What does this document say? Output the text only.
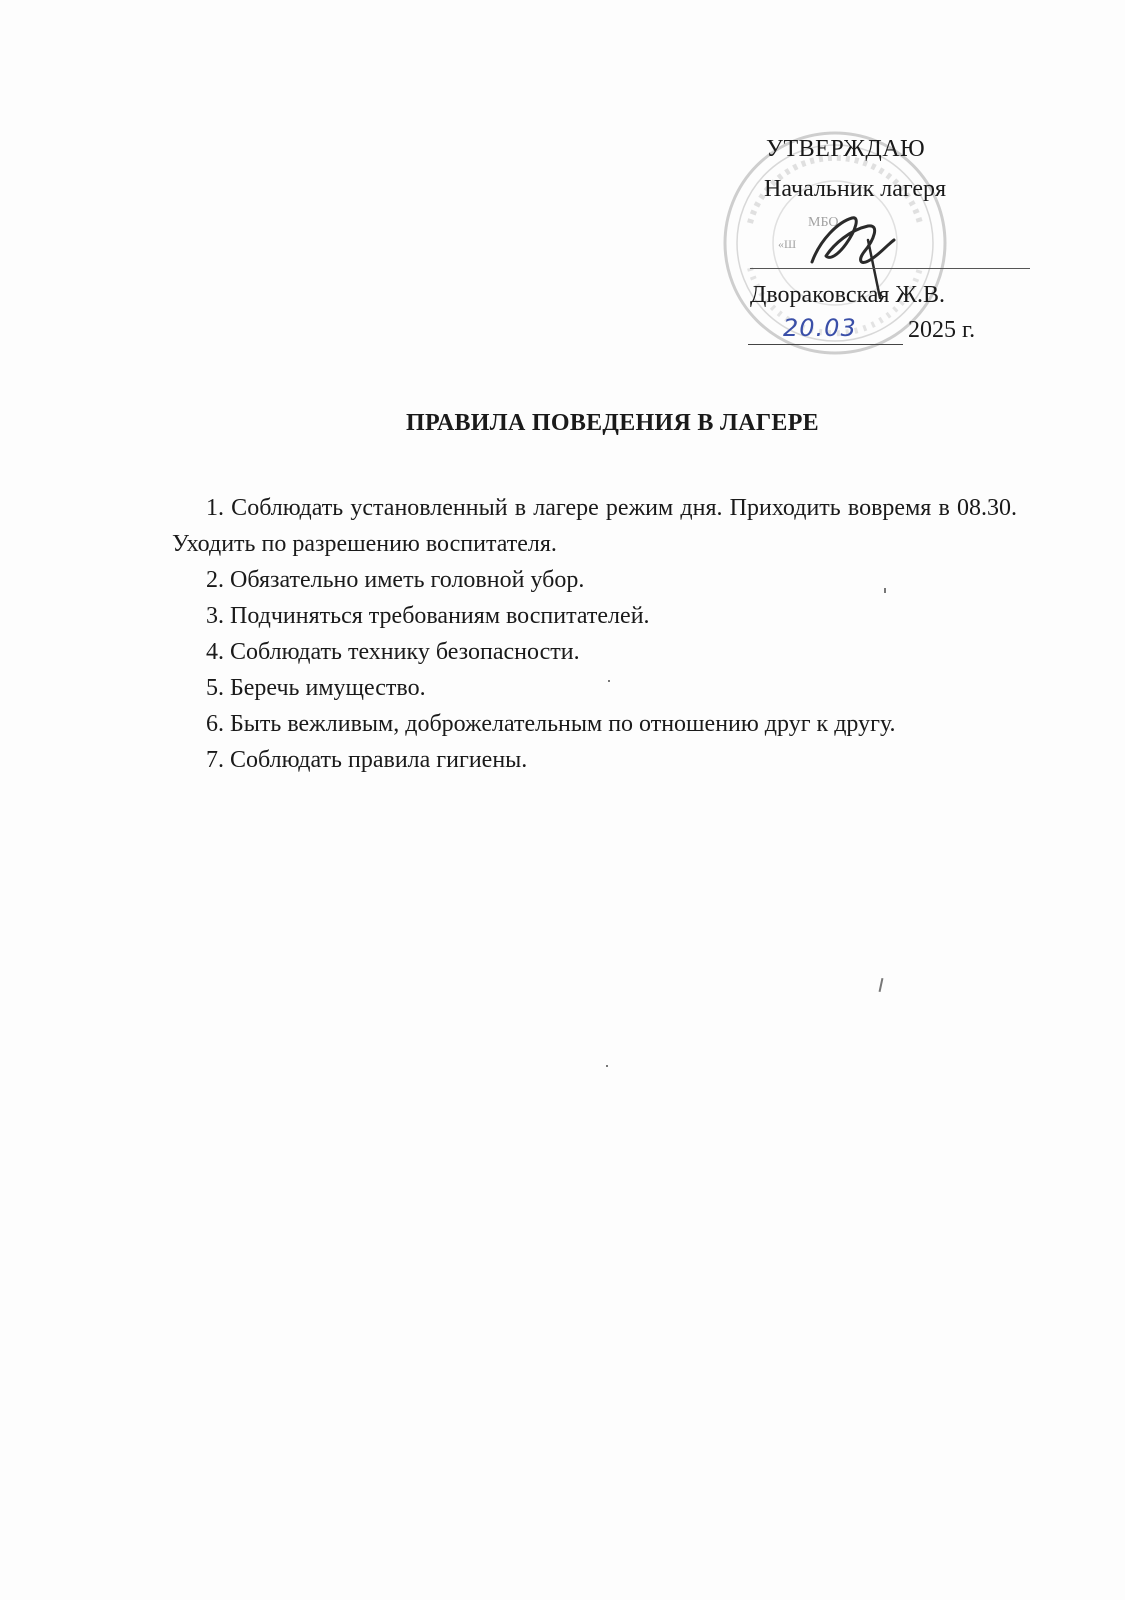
МБО
«Ш
УТВЕРЖДАЮ
Начальник лагеря
Дворaковская Ж.В.
20.03 2025 г.
ПРАВИЛА ПОВЕДЕНИЯ В ЛАГЕРЕ
1. Соблюдать установленный в лагере режим дня. Приходить вовремя в 08.30. Уходить по разрешению воспитателя.
2. Обязательно иметь головной убор.
3. Подчиняться требованиям воспитателей.
4. Соблюдать технику безопасности.
5. Беречь имущество.
6. Быть вежливым, доброжелательным по отношению друг к другу.
7. Соблюдать правила гигиены.
